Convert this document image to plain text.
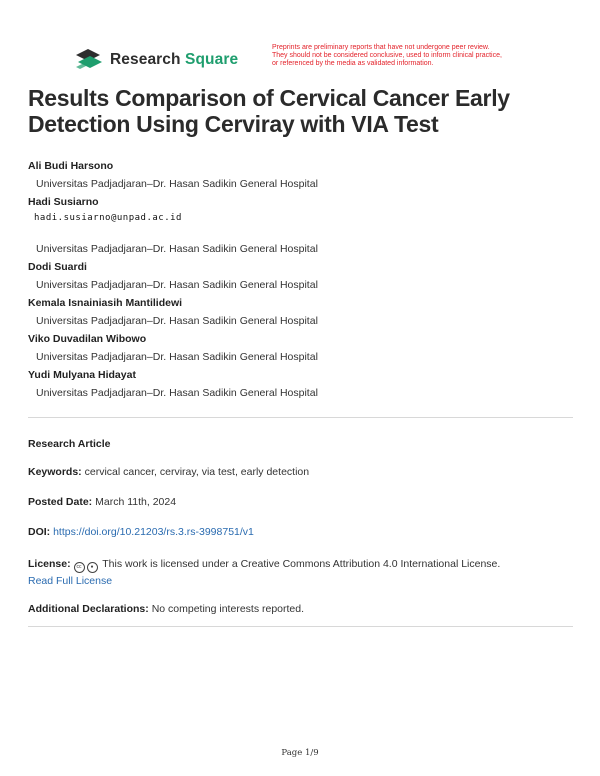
Research Square
Preprints are preliminary reports that have not undergone peer review.
They should not be considered conclusive, used to inform clinical practice,
or referenced by the media as validated information.
Results Comparison of Cervical Cancer Early Detection Using Cerviray with VIA Test
Ali Budi Harsono
Universitas Padjadjaran–Dr. Hasan Sadikin General Hospital
Hadi Susiarno
hadi.susiarno@unpad.ac.id
Universitas Padjadjaran–Dr. Hasan Sadikin General Hospital
Dodi Suardi
Universitas Padjadjaran–Dr. Hasan Sadikin General Hospital
Kemala Isnainiasih Mantilidewi
Universitas Padjadjaran–Dr. Hasan Sadikin General Hospital
Viko Duvadilan Wibowo
Universitas Padjadjaran–Dr. Hasan Sadikin General Hospital
Yudi Mulyana Hidayat
Universitas Padjadjaran–Dr. Hasan Sadikin General Hospital
Research Article
Keywords: cervical cancer, cerviray, via test, early detection
Posted Date: March 11th, 2024
DOI: https://doi.org/10.21203/rs.3.rs-3998751/v1
License: cc ● This work is licensed under a Creative Commons Attribution 4.0 International License.
Read Full License
Additional Declarations: No competing interests reported.
Page 1/9
